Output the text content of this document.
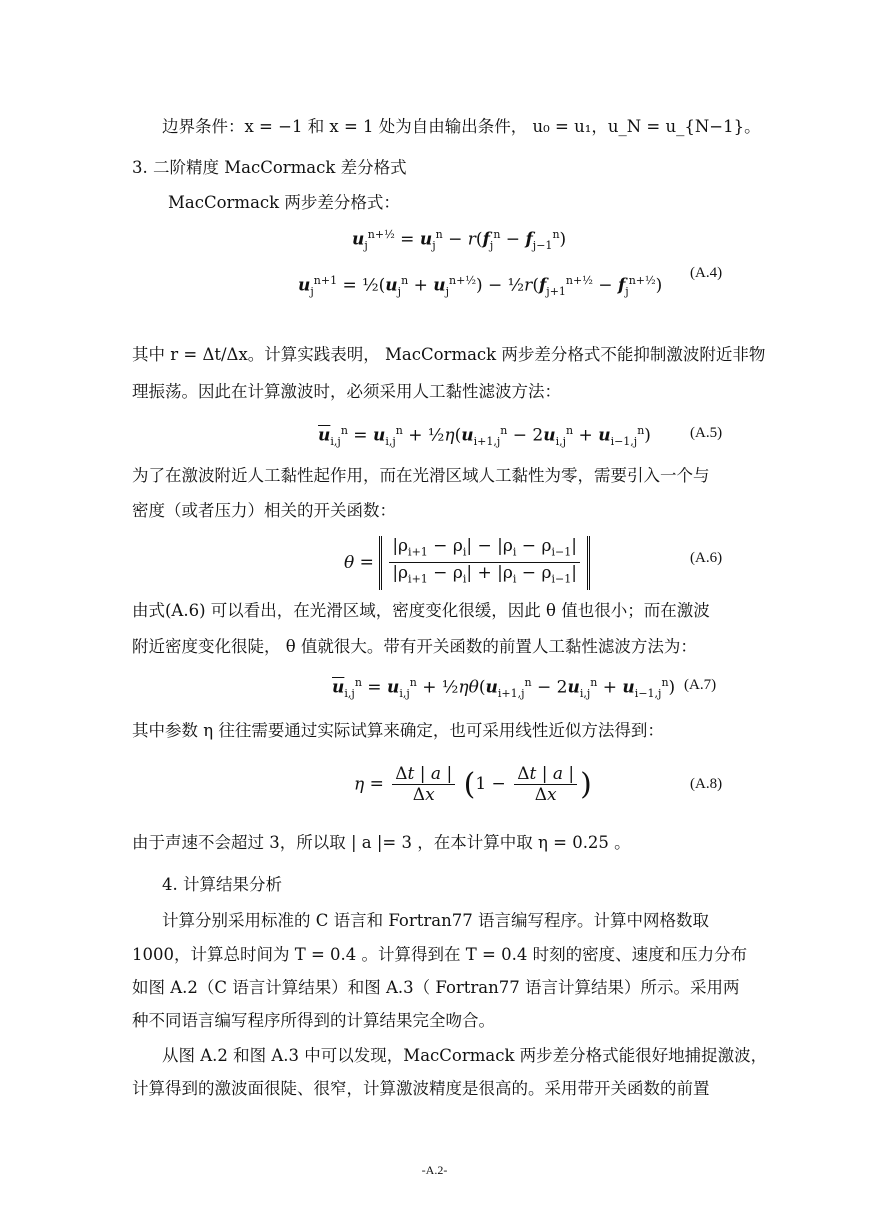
边界条件：x = −1 和 x = 1 处为自由输出条件， u₀ = u₁，u_N = u_{N−1}。
3. 二阶精度 MacCormack 差分格式
MacCormack 两步差分格式：
$u_j^{n+\frac{1}{2}} = u_j^n - r(f_j^n - f_{j-1}^n)$
$u_j^{n+1}$ = $\frac{1}{2}(u_j^n + u_j^{n+\frac{1}{2}})$ − $\frac{1}{2}r(f_{j+1}^{n+\frac{1}{2}} - f_j^{n+\frac{1}{2}})$
(A.4)
其中 r = Δt/Δx。计算实践表明， MacCormack 两步差分格式不能抑制激波附近非物
理振荡。因此在计算激波时，必须采用人工黏性滤波方法：
$\overline{u}_{i,j}^n = u_{i,j}^n$ + $\frac{1}{2}\eta(u_{i+1,j}^n - 2u_{i,j}^n + u_{i-1,j}^n)$	(A.5)
为了在激波附近人工黏性起作用，而在光滑区域人工黏性为零，需要引入一个与
密度（或者压力）相关的开关函数：
$\theta = \frac{|\rho_{i+1} - \rho_i| - |\rho_i - \rho_{i-1}|}{|\rho_{i+1} - \rho_i| + |\rho_i - \rho_{i-1}|}$	(A.6)
由式(A.6) 可以看出，在光滑区域，密度变化很缓，因此 θ 值也很小；而在激波
附近密度变化很陡， θ 值就很大。带有开关函数的前置人工黏性滤波方法为：
$\overline{u}_{i,j}^n = u_{i,j}^n$ + $\frac{1}{2}\eta\theta(u_{i+1,j}^n - 2u_{i,j}^n + u_{i-1,j}^n)$ (A.7)
其中参数 η 往往需要通过实际试算来确定，也可采用线性近似方法得到：
$\eta = \frac{\Delta t | a |}{\Delta x} (1 - \frac{\Delta t | a |}{\Delta x}$ )	(A.8)
由于声速不会超过 3，所以取 | a |= 3 ，在本计算中取 η = 0.25 。
4. 计算结果分析
计算分别采用标准的 C 语言和 Fortran77 语言编写程序。计算中网格数取
1000，计算总时间为 T = 0.4 。计算得到在 T = 0.4 时刻的密度、速度和压力分布
如图 A.2（C 语言计算结果）和图 A.3（ Fortran77 语言计算结果）所示。采用两
种不同语言编写程序所得到的计算结果完全吻合。
从图 A.2 和图 A.3 中可以发现，MacCormack 两步差分格式能很好地捕捉激波，
计算得到的激波面很陡、很窄，计算激波精度是很高的。采用带开关函数的前置
-A.2-
